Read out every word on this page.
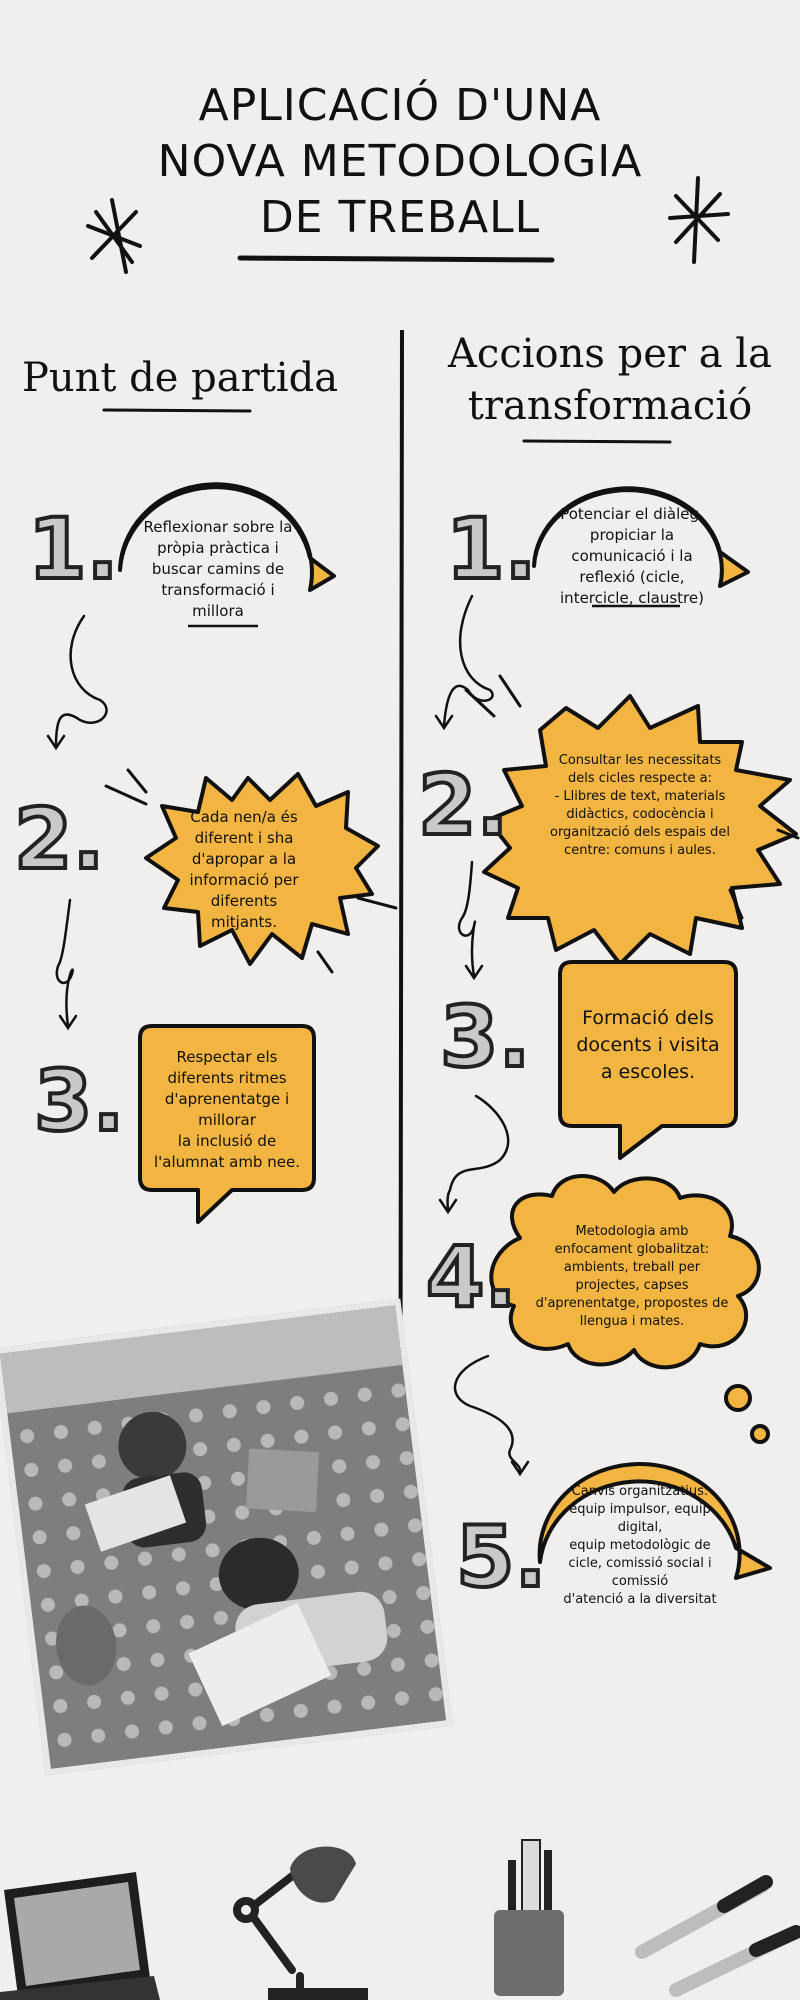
APLICACIÓ D'UNA
NOVA METODOLOGIA
DE TREBALL
Punt de partida
Accions per a la
transformació
1.
2.
3.
1.
2.
3.
4.
5.
Reflexionar sobre la
pròpia pràctica i
buscar camins de
transformació i
millora
Cada nen/a és
diferent i sha
d'apropar a la
informació per
diferents
mitjants.
Respectar els
diferents ritmes
d'aprenentatge i
millorar
la inclusió de
l'alumnat amb nee.
Potenciar el diàleg,
propiciar la
comunicació i la
reflexió (cicle,
intercicle, claustre)
Consultar les necessitats
dels cicles respecte a:
- Llibres de text, materials
didàctics, codocència i
organització dels espais del
centre: comuns i aules.
Formació dels
docents i visita
a escoles.
Metodologia amb
enfocament globalitzat:
ambients, treball per
projectes, capses
d'aprenentatge, propostes de
llengua i mates.
Canvis organitzatius:
equip impulsor, equip
digital,
equip metodològic de
cicle, comissió social i
comissió
d'atenció a la diversitat
